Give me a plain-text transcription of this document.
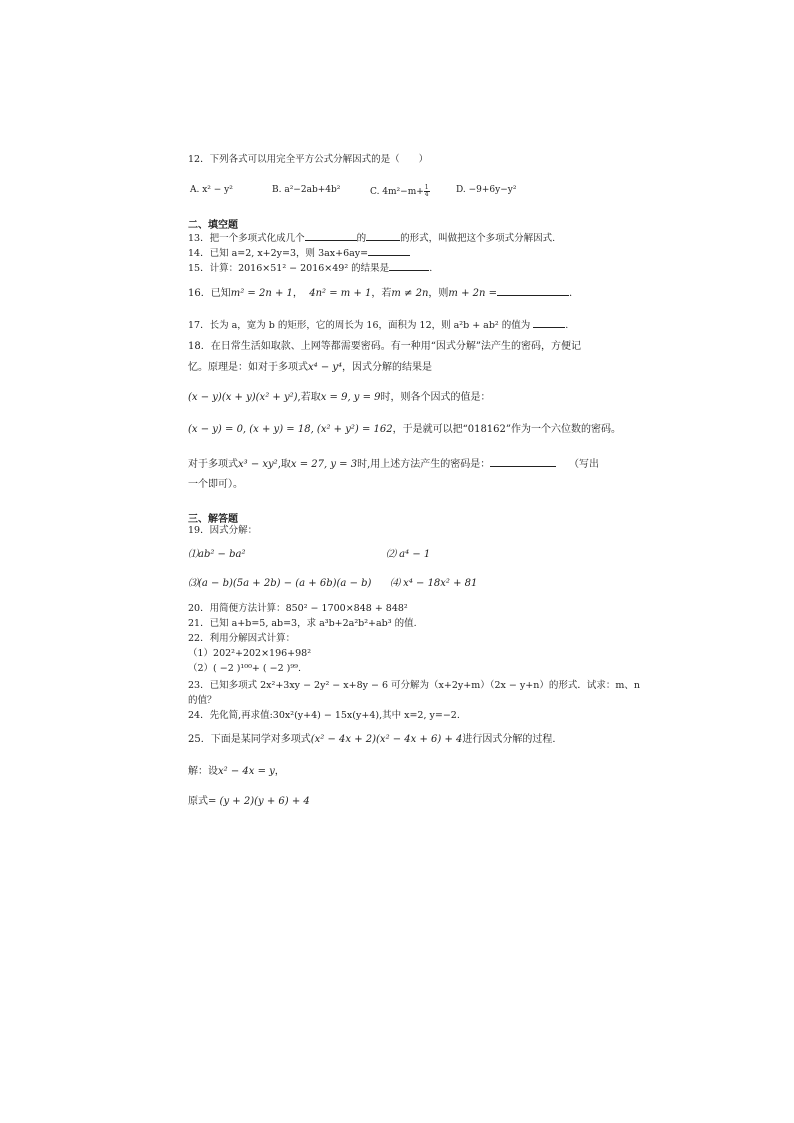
12．下列各式可以用完全平方公式分解因式的是（　　）
A. x² − y²	B. a²−2ab+4b²	C. $4m^2-m+ \frac{1}{4}$	D. −9+6y−y²
二、填空题
13．把一个多项式化成几个	的	的形式，叫做把这个多项式分解因式.
14．已知 a=2, x+2y=3，则 3ax+6ay=
15．计算：2016×51² − 2016×49² 的结果是	.
16．已知m² = 2n + 1，  4n² = m + 1，若m ≠ 2n，则m + 2n =	.
17．长为 a，宽为 b 的矩形，它的周长为 16，面积为 12，则 a²b + ab² 的值为	.
18．在日常生活如取款、上网等都需要密码。有一种用“因式分解”法产生的密码，方便记
忆。原理是：如对于多项式x⁴ − y⁴，因式分解的结果是
(x − y)(x + y)(x² + y²),若取x = 9, y = 9时，则各个因式的值是：
(x − y) = 0, (x + y) = 18, (x² + y²) = 162，于是就可以把“018162”作为一个六位数的密码。
对于多项式x³ − xy²,取x = 27, y = 3时,用上述方法产生的密码是：	（写出
一个即可）。
三、解答题
19．因式分解：
⑴ab² − ba²	⑵ a⁴ − 1
⑶(a − b)(5a + 2b) − (a + 6b)(a − b) ⑷ x⁴ − 18x² + 81
20．用简便方法计算：850² − 1700×848 + 848²
21．已知 a+b=5, ab=3，求 a³b+2a²b²+ab³ 的值.
22．利用分解因式计算：
（1）202²+202×196+98²
（2）( −2 )¹⁰⁰+ ( −2 )⁹⁹.
23．已知多项式 2x²+3xy − 2y² − x+8y − 6 可分解为（x+2y+m）（2x − y+n）的形式．试求：m、n
的值？
24．先化简,再求值:30x²(y+4) − 15x(y+4),其中 x=2, y=−2.
25．下面是某同学对多项式(x² − 4x + 2)(x² − 4x + 6) + 4进行因式分解的过程．
解：设x² − 4x = y，
原式= (y + 2)(y + 6) + 4
